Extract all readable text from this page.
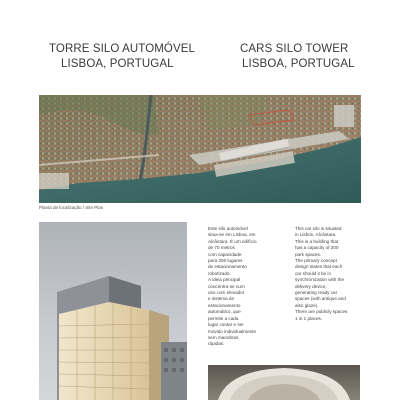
TORRE SILO AUTOMÓVEL
LISBOA, PORTUGAL
CARS SILO TOWER
LISBOA, PORTUGAL
Planta de localização / Site Plan

Este silo automóvel

situa-se em Lisboa, em

Alcântara. É um edifício

de 70 metros

com capacidade

para 200 lugares

de estacionamento

robotizado.

A ideia principal

concentra-se num

uso com elevador

e sistema de

estacionamento

automático, que

permite a cada

lugar contar e ser

movido individualmente

sem manobras

rápidas.

This car silo is situated

in Lisbon, Alcântara.

This is a building that

has a capacity of 200

park spaces.

The primary concept

design states that each

car should it be in

synchronization with the

delivery device,

generating ready car

spaces (with antique and

also glaze).

There are publicly spaces

1 in 1 places.
